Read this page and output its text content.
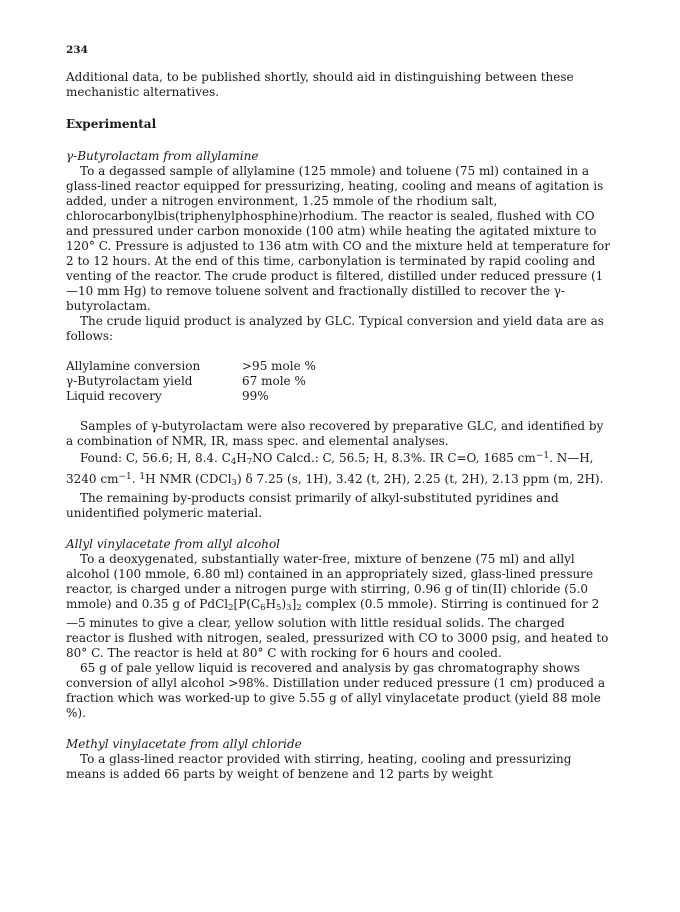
234

Additional data, to be published shortly, should aid in distinguishing between these mechanistic alternatives.

Experimental

γ-Butyrolactam from allylamine

To a degassed sample of allylamine (125 mmole) and toluene (75 ml) contained in a glass-lined reactor equipped for pressurizing, heating, cooling and means of agitation is added, under a nitrogen environment, 1.25 mmole of the rhodium salt, chlorocarbonylbis(triphenylphosphine)rhodium. The reactor is sealed, flushed with CO and pressured under carbon monoxide (100 atm) while heating the agitated mixture to 120° C. Pressure is adjusted to 136 atm with CO and the mixture held at temperature for 2 to 12 hours. At the end of this time, carbonylation is terminated by rapid cooling and venting of the reactor. The crude product is filtered, distilled under reduced pressure (1—10 mm Hg) to remove toluene solvent and fractionally distilled to recover the γ-butyrolactam.

The crude liquid product is analyzed by GLC. Typical conversion and yield data are as follows:

Allylamine conversion	>95 mole %
γ-Butyrolactam yield	67 mole %
Liquid recovery	99%

Samples of γ-butyrolactam were also recovered by preparative GLC, and identified by a combination of NMR, IR, mass spec. and elemental analyses.

Found: C, 56.6; H, 8.4. C4H7NO Calcd.: C, 56.5; H, 8.3%. IR C=O, 1685 $cm^{-1}$. N—H, 3240 $cm^{-1}$. $^1$H NMR (CDCl3) δ 7.25 (s, 1H), 3.42 (t, 2H), 2.25 (t, 2H), 2.13 ppm (m, 2H).

The remaining by-products consist primarily of alkyl-substituted pyridines and unidentified polymeric material.

Allyl vinylacetate from allyl alcohol

To a deoxygenated, substantially water-free, mixture of benzene (75 ml) and allyl alcohol (100 mmole, 6.80 ml) contained in an appropriately sized, glass-lined pressure reactor, is charged under a nitrogen purge with stirring, 0.96 g of tin(II) chloride (5.0 mmole) and 0.35 g of PdCl2[P(C6H5)3]2 complex (0.5 mmole). Stirring is continued for 2—5 minutes to give a clear, yellow solution with little residual solids. The charged reactor is flushed with nitrogen, sealed, pressurized with CO to 3000 psig, and heated to 80° C. The reactor is held at 80° C with rocking for 6 hours and cooled.

65 g of pale yellow liquid is recovered and analysis by gas chromatography shows conversion of allyl alcohol >98%. Distillation under reduced pressure (1 cm) produced a fraction which was worked-up to give 5.55 g of allyl vinylacetate product (yield 88 mole %).

Methyl vinylacetate from allyl chloride

To a glass-lined reactor provided with stirring, heating, cooling and pressurizing means is added 66 parts by weight of benzene and 12 parts by weight
